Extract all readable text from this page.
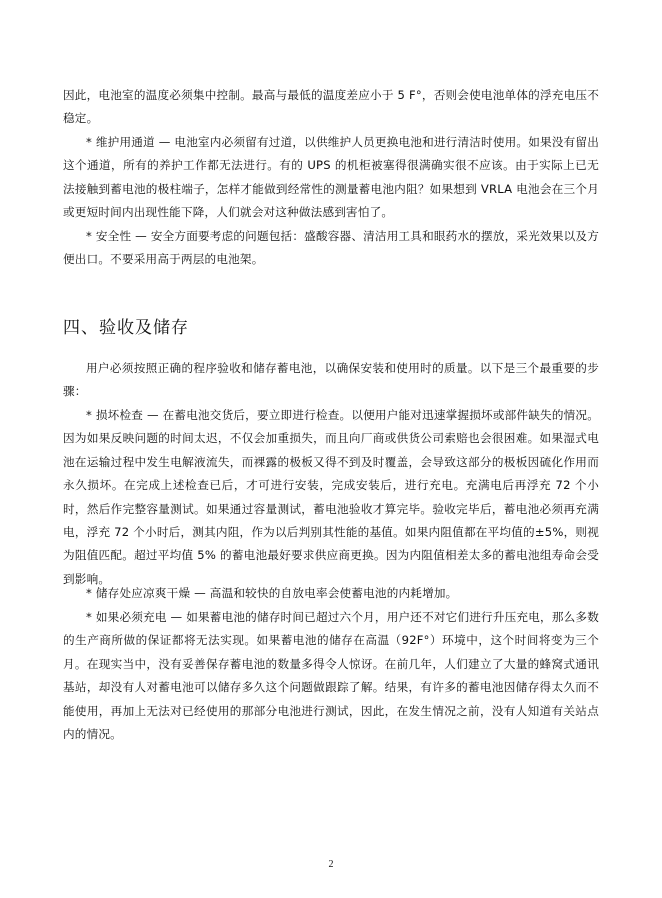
因此，电池室的温度必须集中控制。最高与最低的温度差应小于 5 F°，否则会使电池单体的浮充电压不稳定。

* 维护用通道 — 电池室内必须留有过道，以供维护人员更换电池和进行清洁时使用。如果没有留出这个通道，所有的养护工作都无法进行。有的 UPS 的机柜被塞得很满确实很不应该。由于实际上已无法接触到蓄电池的极柱端子，怎样才能做到经常性的测量蓄电池内阻？如果想到 VRLA 电池会在三个月或更短时间内出现性能下降，人们就会对这种做法感到害怕了。

* 安全性 — 安全方面要考虑的问题包括：盛酸容器、清洁用工具和眼药水的摆放，采光效果以及方便出口。不要采用高于两层的电池架。

四、验收及储存

用户必须按照正确的程序验收和储存蓄电池，以确保安装和使用时的质量。以下是三个最重要的步骤：

* 损坏检查 — 在蓄电池交货后，要立即进行检查。以便用户能对迅速掌握损坏或部件缺失的情况。因为如果反映问题的时间太迟，不仅会加重损失，而且向厂商或供货公司索赔也会很困难。如果湿式电池在运输过程中发生电解液流失，而裸露的极板又得不到及时覆盖，会导致这部分的极板因硫化作用而永久损坏。在完成上述检查已后，才可进行安装，完成安装后，进行充电。充满电后再浮充 72 个小时，然后作完整容量测试。如果通过容量测试，蓄电池验收才算完毕。验收完毕后，蓄电池必须再充满电，浮充 72 个小时后，测其内阻，作为以后判别其性能的基值。如果内阻值都在平均值的±5%，则视为阻值匹配。超过平均值 5% 的蓄电池最好要求供应商更换。因为内阻值相差太多的蓄电池组寿命会受到影响。

* 储存处应凉爽干燥 — 高温和较快的自放电率会使蓄电池的内耗增加。

* 如果必须充电 — 如果蓄电池的储存时间已超过六个月，用户还不对它们进行升压充电，那么多数的生产商所做的保证都将无法实现。如果蓄电池的储存在高温（92F°）环境中，这个时间将变为三个月。在现实当中，没有妥善保存蓄电池的数量多得令人惊讶。在前几年，人们建立了大量的蜂窝式通讯基站，却没有人对蓄电池可以储存多久这个问题做跟踪了解。结果，有许多的蓄电池因储存得太久而不能使用，再加上无法对已经使用的那部分电池进行测试，因此，在发生情况之前，没有人知道有关站点内的情况。

2
